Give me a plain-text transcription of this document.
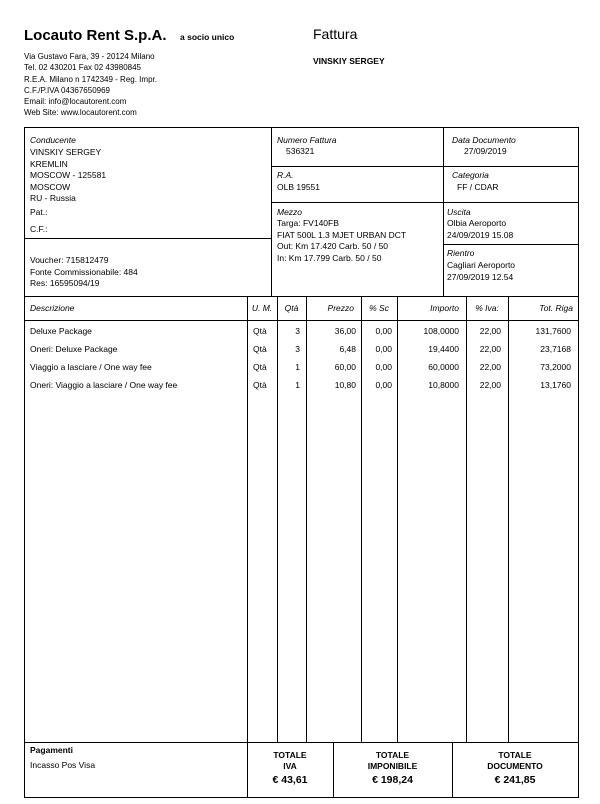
Locauto Rent S.p.A. a socio unico
Via Gustavo Fara, 39 - 20124 Milano
Tel. 02 430201 Fax 02 43980845
R.E.A. Milano n 1742349 - Reg. Impr.
C.F./P.IVA 04367650969
Email: info@locautorent.com
Web Site: www.locautorent.com
Fattura
VINSKIY SERGEY
Conducente
VINSKIY SERGEY
KREMLIN
MOSCOW - 125581
MOSCOW
RU - Russia
Pat.:
C.F.:
Voucher: 715812479
Fonte Commissionabile: 484
Res: 16595094/19
Numero Fattura
536321
Data Documento
27/09/2019
R.A.
OLB 19551
Categoria
FF / CDAR
Mezzo
Targa: FV140FB
FIAT 500L 1.3 MJET URBAN DCT
Out: Km 17.420 Carb. 50 / 50
In: Km 17.799 Carb. 50 / 50
Uscita
Olbia Aeroporto
24/09/2019 15.08
Rientro
Cagliari Aeroporto
27/09/2019 12.54
Descrizione	U. M.	Qtà	Prezzo	% Sc	Importo	% Iva:	Tot. Riga
Deluxe Package	Qtà	3	36,00	0,00	108,0000	22,00	131,7600
Oneri: Deluxe Package	Qtà	3	6,48	0,00	19,4400	22,00	23,7168
Viaggio a lasciare / One way fee	Qtà	1	60,00	0,00	60,0000	22,00	73,2000
Oneri: Viaggio a lasciare / One way fee	Qtà	1	10,80	0,00	10,8000	22,00	13,1760
Pagamenti
Incasso Pos Visa
TOTALE
IVA
€ 43,61
TOTALE
IMPONIBILE
€ 198,24
TOTALE
DOCUMENTO
€ 241,85
